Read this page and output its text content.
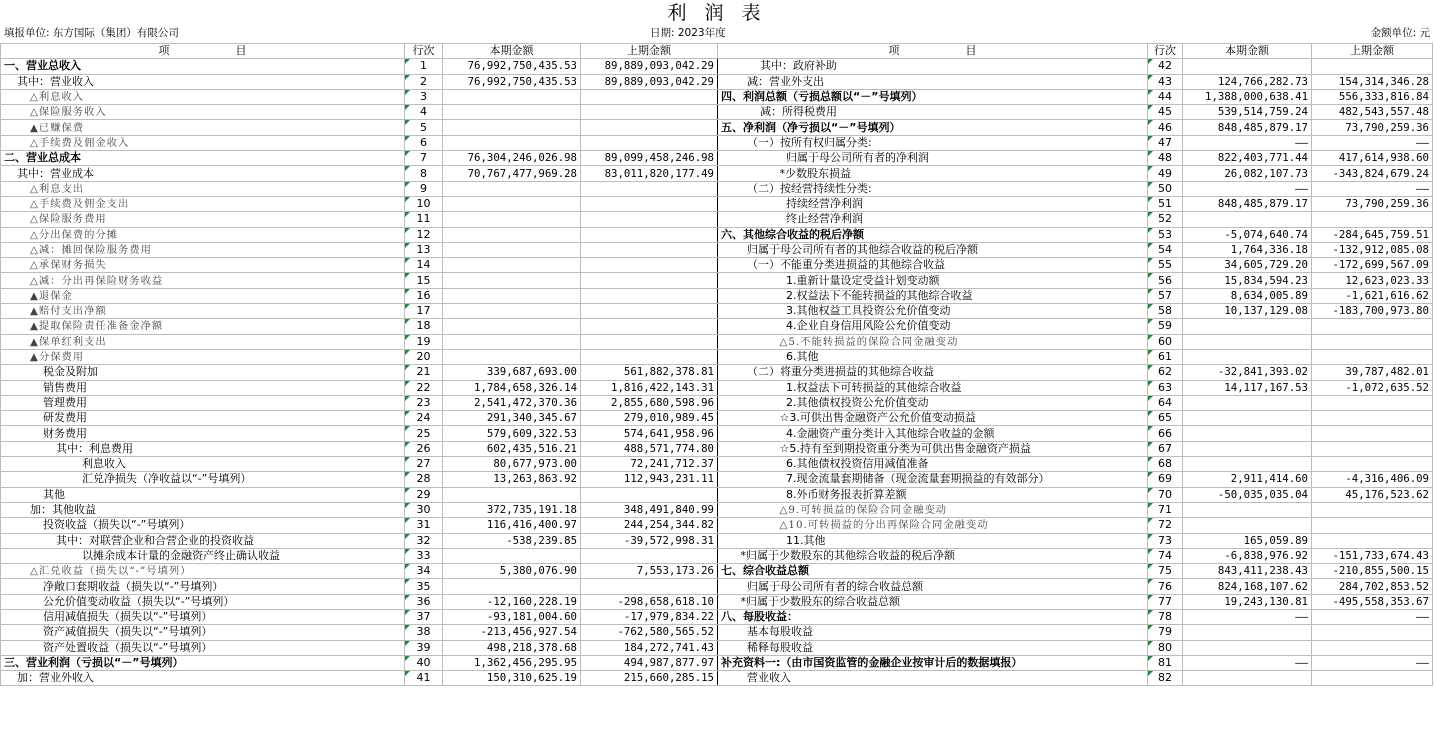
利 润 表
填报单位: 东方国际（集团）有限公司	日期: 2023年度	金额单位: 元
项　　　　　　目	行次	本期金额	上期金额	项　　　　　　目	行次	本期金额	上期金额
一、营业总收入	1	76,992,750,435.53	89,889,093,042.29	其中：政府补助	42		
其中：营业收入	2	76,992,750,435.53	89,889,093,042.29	减：营业外支出	43	124,766,282.73	154,314,346.28
△利息收入	3			四、利润总额（亏损总额以“－”号填列）	44	1,388,000,638.41	556,333,816.84
△保险服务收入	4			减：所得税费用	45	539,514,759.24	482,543,557.48
▲已赚保费	5			五、净利润（净亏损以“－”号填列）	46	848,485,879.17	73,790,259.36
△手续费及佣金收入	6			（一）按所有权归属分类:	47	——	——
二、营业总成本	7	76,304,246,026.98	89,099,458,246.98	归属于母公司所有者的净利润	48	822,403,771.44	417,614,938.60
其中：营业成本	8	70,767,477,969.28	83,011,820,177.49	*少数股东损益	49	26,082,107.73	-343,824,679.24
△利息支出	9			（二）按经营持续性分类:	50	——	——
△手续费及佣金支出	10			持续经营净利润	51	848,485,879.17	73,790,259.36
△保险服务费用	11			终止经营净利润	52		
△分出保费的分摊	12			六、其他综合收益的税后净额	53	-5,074,640.74	-284,645,759.51
△减：摊回保险服务费用	13			归属于母公司所有者的其他综合收益的税后净额	54	1,764,336.18	-132,912,085.08
△承保财务损失	14			（一）不能重分类进损益的其他综合收益	55	34,605,729.20	-172,699,567.09
△减：分出再保险财务收益	15			1.重新计量设定受益计划变动额	56	15,834,594.23	12,623,023.33
▲退保金	16			2.权益法下不能转损益的其他综合收益	57	8,634,005.89	-1,621,616.62
▲赔付支出净额	17			3.其他权益工具投资公允价值变动	58	10,137,129.08	-183,700,973.80
▲提取保险责任准备金净额	18			4.企业自身信用风险公允价值变动	59		
▲保单红利支出	19			△5.不能转损益的保险合同金融变动	60		
▲分保费用	20			6.其他	61		
税金及附加	21	339,687,693.00	561,882,378.81	（二）将重分类进损益的其他综合收益	62	-32,841,393.02	39,787,482.01
销售费用	22	1,784,658,326.14	1,816,422,143.31	1.权益法下可转损益的其他综合收益	63	14,117,167.53	-1,072,635.52
管理费用	23	2,541,472,370.36	2,855,680,598.96	2.其他债权投资公允价值变动	64		
研发费用	24	291,340,345.67	279,010,989.45	☆3.可供出售金融资产公允价值变动损益	65		
财务费用	25	579,609,322.53	574,641,958.96	4.金融资产重分类计入其他综合收益的金额	66		
其中：利息费用	26	602,435,516.21	488,571,774.80	☆5.持有至到期投资重分类为可供出售金融资产损益	67		
利息收入	27	80,677,973.00	72,241,712.37	6.其他债权投资信用减值准备	68		
汇兑净损失（净收益以“-”号填列）	28	13,263,863.92	112,943,231.11	7.现金流量套期储备（现金流量套期损益的有效部分）	69	2,911,414.60	-4,316,406.09
其他	29			8.外币财务报表折算差额	70	-50,035,035.04	45,176,523.62
加：其他收益	30	372,735,191.18	348,491,840.99	△9.可转损益的保险合同金融变动	71		
投资收益（损失以“-”号填列）	31	116,416,400.97	244,254,344.82	△10.可转损益的分出再保险合同金融变动	72		
其中：对联营企业和合营企业的投资收益	32	-538,239.85	-39,572,998.31	11.其他	73	165,059.89	
以摊余成本计量的金融资产终止确认收益	33			*归属于少数股东的其他综合收益的税后净额	74	-6,838,976.92	-151,733,674.43
△汇兑收益（损失以“-”号填列）	34	5,380,076.90	7,553,173.26	七、综合收益总额	75	843,411,238.43	-210,855,500.15
净敞口套期收益（损失以“-”号填列）	35			归属于母公司所有者的综合收益总额	76	824,168,107.62	284,702,853.52
公允价值变动收益（损失以“-”号填列）	36	-12,160,228.19	-298,658,618.10	*归属于少数股东的综合收益总额	77	19,243,130.81	-495,558,353.67
信用减值损失（损失以“-”号填列）	37	-93,181,004.60	-17,979,834.22	八、每股收益：	78	——	——
资产减值损失（损失以“-”号填列）	38	-213,456,927.54	-762,580,565.52	基本每股收益	79		
资产处置收益（损失以“-”号填列）	39	498,218,378.68	184,272,741.43	稀释每股收益	80		
三、营业利润（亏损以“－”号填列）	40	1,362,456,295.95	494,987,877.97	补充资料一:（由市国资监管的金融企业按审计后的数据填报）	81	——	——
加：营业外收入	41	150,310,625.19	215,660,285.15	营业收入	82		
